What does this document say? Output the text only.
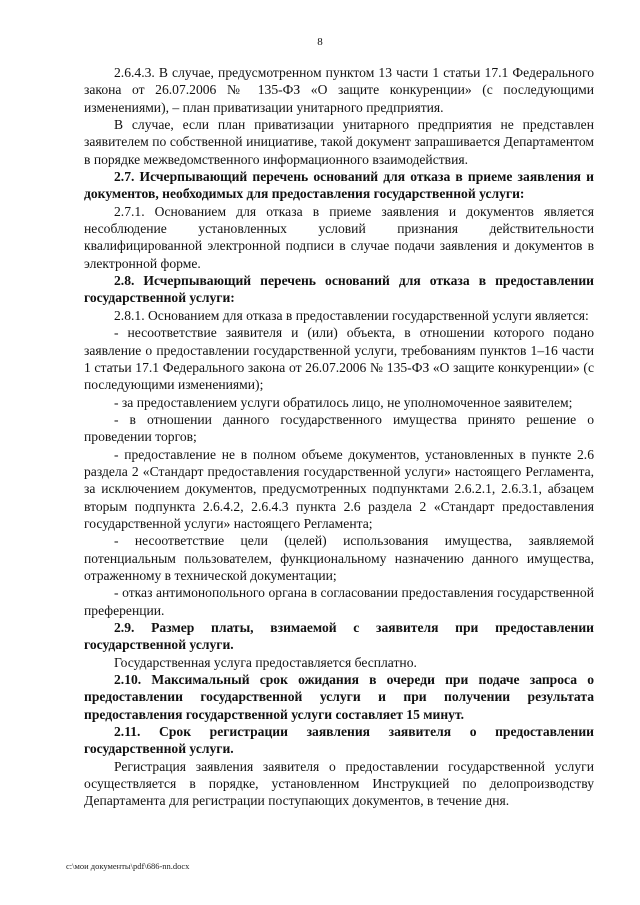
8

2.6.4.3. В случае, предусмотренном пунктом 13 части 1 статьи 17.1 Федерального закона от 26.07.2006 № 135-ФЗ «О защите конкуренции» (с последующими изменениями), – план приватизации унитарного предприятия.

В случае, если план приватизации унитарного предприятия не представлен заявителем по собственной инициативе, такой документ запрашивается Департаментом в порядке межведомственного информационного взаимодействия.

2.7. Исчерпывающий перечень оснований для отказа в приеме заявления и документов, необходимых для предоставления государственной услуги:

2.7.1. Основанием для отказа в приеме заявления и документов является несоблюдение установленных условий признания действительности квалифицированной электронной подписи в случае подачи заявления и документов в электронной форме.

2.8. Исчерпывающий перечень оснований для отказа в предоставлении государственной услуги:

2.8.1. Основанием для отказа в предоставлении государственной услуги является:

- несоответствие заявителя и (или) объекта, в отношении которого подано заявление о предоставлении государственной услуги, требованиям пунктов 1–16 части 1 статьи 17.1 Федерального закона от 26.07.2006 № 135-ФЗ «О защите конкуренции» (с последующими изменениями);

- за предоставлением услуги обратилось лицо, не уполномоченное заявителем;

- в отношении данного государственного имущества принято решение о проведении торгов;

- предоставление не в полном объеме документов, установленных в пункте 2.6 раздела 2 «Стандарт предоставления государственной услуги» настоящего Регламента, за исключением документов, предусмотренных подпунктами 2.6.2.1, 2.6.3.1, абзацем вторым подпункта 2.6.4.2, 2.6.4.3 пункта 2.6 раздела 2 «Стандарт предоставления государственной услуги» настоящего Регламента;

- несоответствие цели (целей) использования имущества, заявляемой потенциальным пользователем, функциональному назначению данного имущества, отраженному в технической документации;

- отказ антимонопольного органа в согласовании предоставления государственной преференции.

2.9. Размер платы, взимаемой с заявителя при предоставлении государственной услуги.

Государственная услуга предоставляется бесплатно.

2.10. Максимальный срок ожидания в очереди при подаче запроса о предоставлении государственной услуги и при получении результата предоставления государственной услуги составляет 15 минут.

2.11. Срок регистрации заявления заявителя о предоставлении государственной услуги.

Регистрация заявления заявителя о предоставлении государственной услуги осуществляется в порядке, установленном Инструкцией по делопроизводству Департамента для регистрации поступающих документов, в течение дня.

c:\мои документы\pdf\686-nn.docx
